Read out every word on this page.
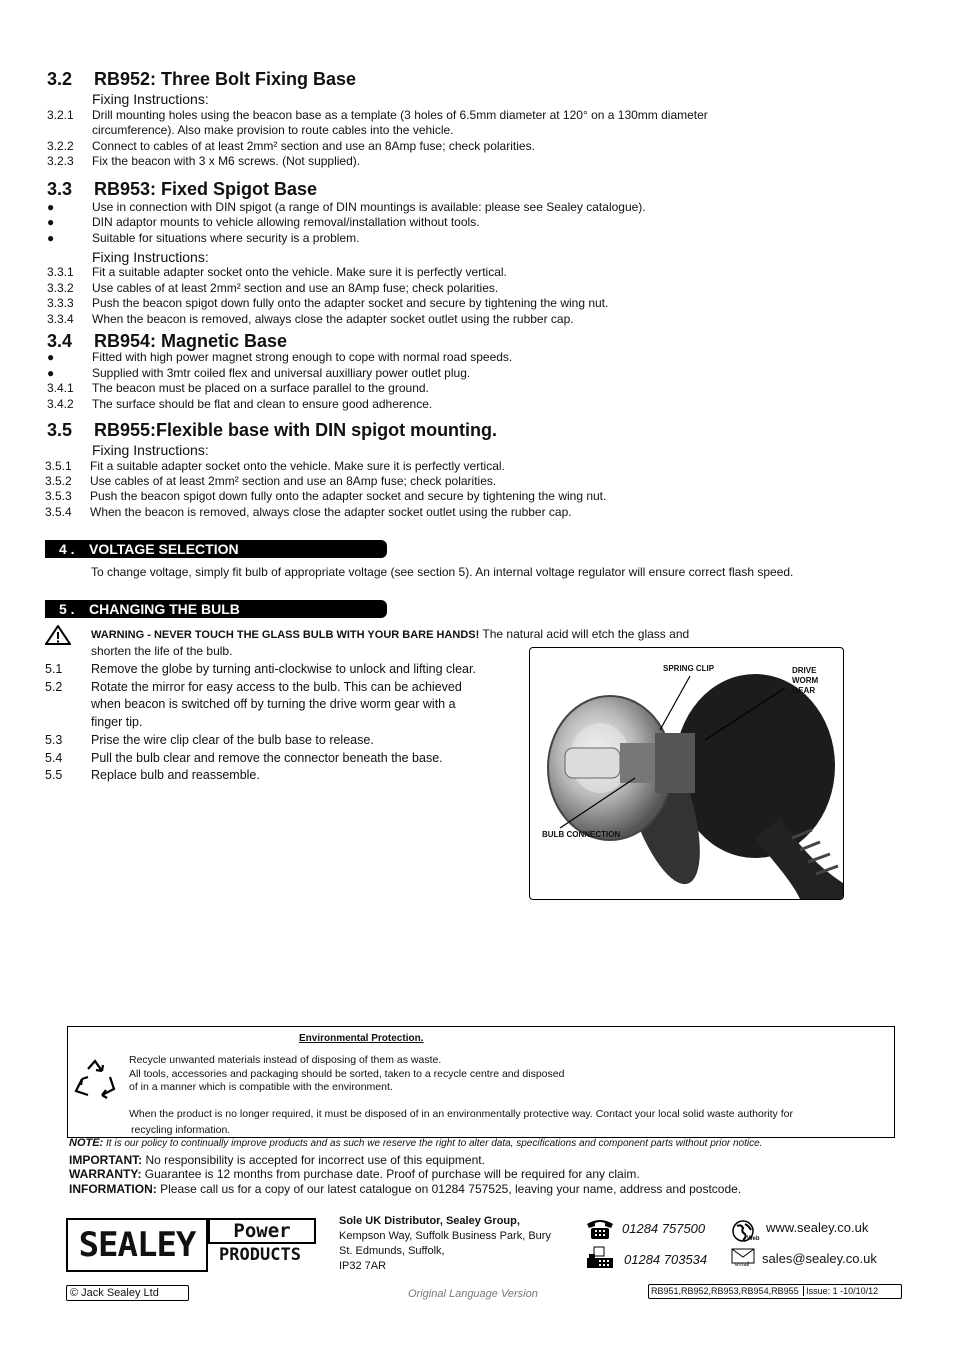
3.2 RB952: Three Bolt Fixing Base
Fixing Instructions:
3.2.1 Drill mounting holes using the beacon base as a template (3 holes of 6.5mm diameter at 120° on a 130mm diameter
circumference). Also make provision to route cables into the vehicle.
3.2.2 Connect to cables of at least 2mm² section and use an 8Amp fuse; check polarities.
3.2.3 Fix the beacon with 3 x M6 screws. (Not supplied).
3.3 RB953: Fixed Spigot Base
●	Use in connection with DIN spigot (a range of DIN mountings is available: please see Sealey catalogue).
●	DIN adaptor mounts to vehicle allowing removal/installation without tools.
●	Suitable for situations where security is a problem.
Fixing Instructions:
3.3.1 Fit a suitable adapter socket onto the vehicle. Make sure it is perfectly vertical.
3.3.2 Use cables of at least 2mm² section and use an 8Amp fuse; check polarities.
3.3.3 Push the beacon spigot down fully onto the adapter socket and secure by tightening the wing nut.
3.3.4 When the beacon is removed, always close the adapter socket outlet using the rubber cap.
3.4 RB954: Magnetic Base
●	Fitted with high power magnet strong enough to cope with normal road speeds.
●	Supplied with 3mtr coiled flex and universal auxilliary power outlet plug.
3.4.1 The beacon must be placed on a surface parallel to the ground.
3.4.2 The surface should be flat and clean to ensure good adherence.
3.5 RB955:Flexible base with DIN spigot mounting.
Fixing Instructions:
3.5.1 Fit a suitable adapter socket onto the vehicle. Make sure it is perfectly vertical.
3.5.2 Use cables of at least 2mm² section and use an 8Amp fuse; check polarities.
3.5.3 Push the beacon spigot down fully onto the adapter socket and secure by tightening the wing nut.
3.5.4 When the beacon is removed, always close the adapter socket outlet using the rubber cap.
4 . VOLTAGE SELECTION
To change voltage, simply fit bulb of appropriate voltage (see section 5). An internal voltage regulator will ensure correct flash speed.
5 . CHANGING THE BULB
WARNING - NEVER TOUCH THE GLASS BULB WITH YOUR BARE HANDS! The natural acid will etch the glass and
shorten the life of the bulb.
5.1 Remove the globe by turning anti-clockwise to unlock and lifting clear.
5.2 Rotate the mirror for easy access to the bulb. This can be achieved
when beacon is switched off by turning the drive worm gear with a
finger tip.
5.3 Prise the wire clip clear of the bulb base to release.
5.4 Pull the bulb clear and remove the connector beneath the base.
5.5 Replace bulb and reassemble.
SPRING CLIP	DRIVE
WORM
GEAR
BULB CONNECTION
Environmental Protection.
Recycle unwanted materials instead of disposing of them as waste.
All tools, accessories and packaging should be sorted, taken to a recycle centre and disposed
of in a manner which is compatible with the environment.
When the product is no longer required, it must be disposed of in an environmentally protective way. Contact your local solid waste authority for
recycling information.
NOTE: It is our policy to continually improve products and as such we reserve the right to alter data, specifications and component parts without prior notice.
IMPORTANT: No responsibility is accepted for incorrect use of this equipment.
WARRANTY: Guarantee is 12 months from purchase date. Proof of purchase will be required for any claim.
INFORMATION: Please call us for a copy of our latest catalogue on 01284 757525, leaving your name, address and postcode.
SEALEY	Power
PRODUCTS
Sole UK Distributor, Sealey Group,
Kempson Way, Suffolk Business Park, Bury
St. Edmunds, Suffolk,
IP32 7AR
01284 757500
01284 703534
Web
www.sealey.co.uk
email sales@sealey.co.uk
© Jack Sealey Ltd	Original Language Version	RB951,RB952,RB953,RB954,RB955 Issue: 1 -10/10/12
